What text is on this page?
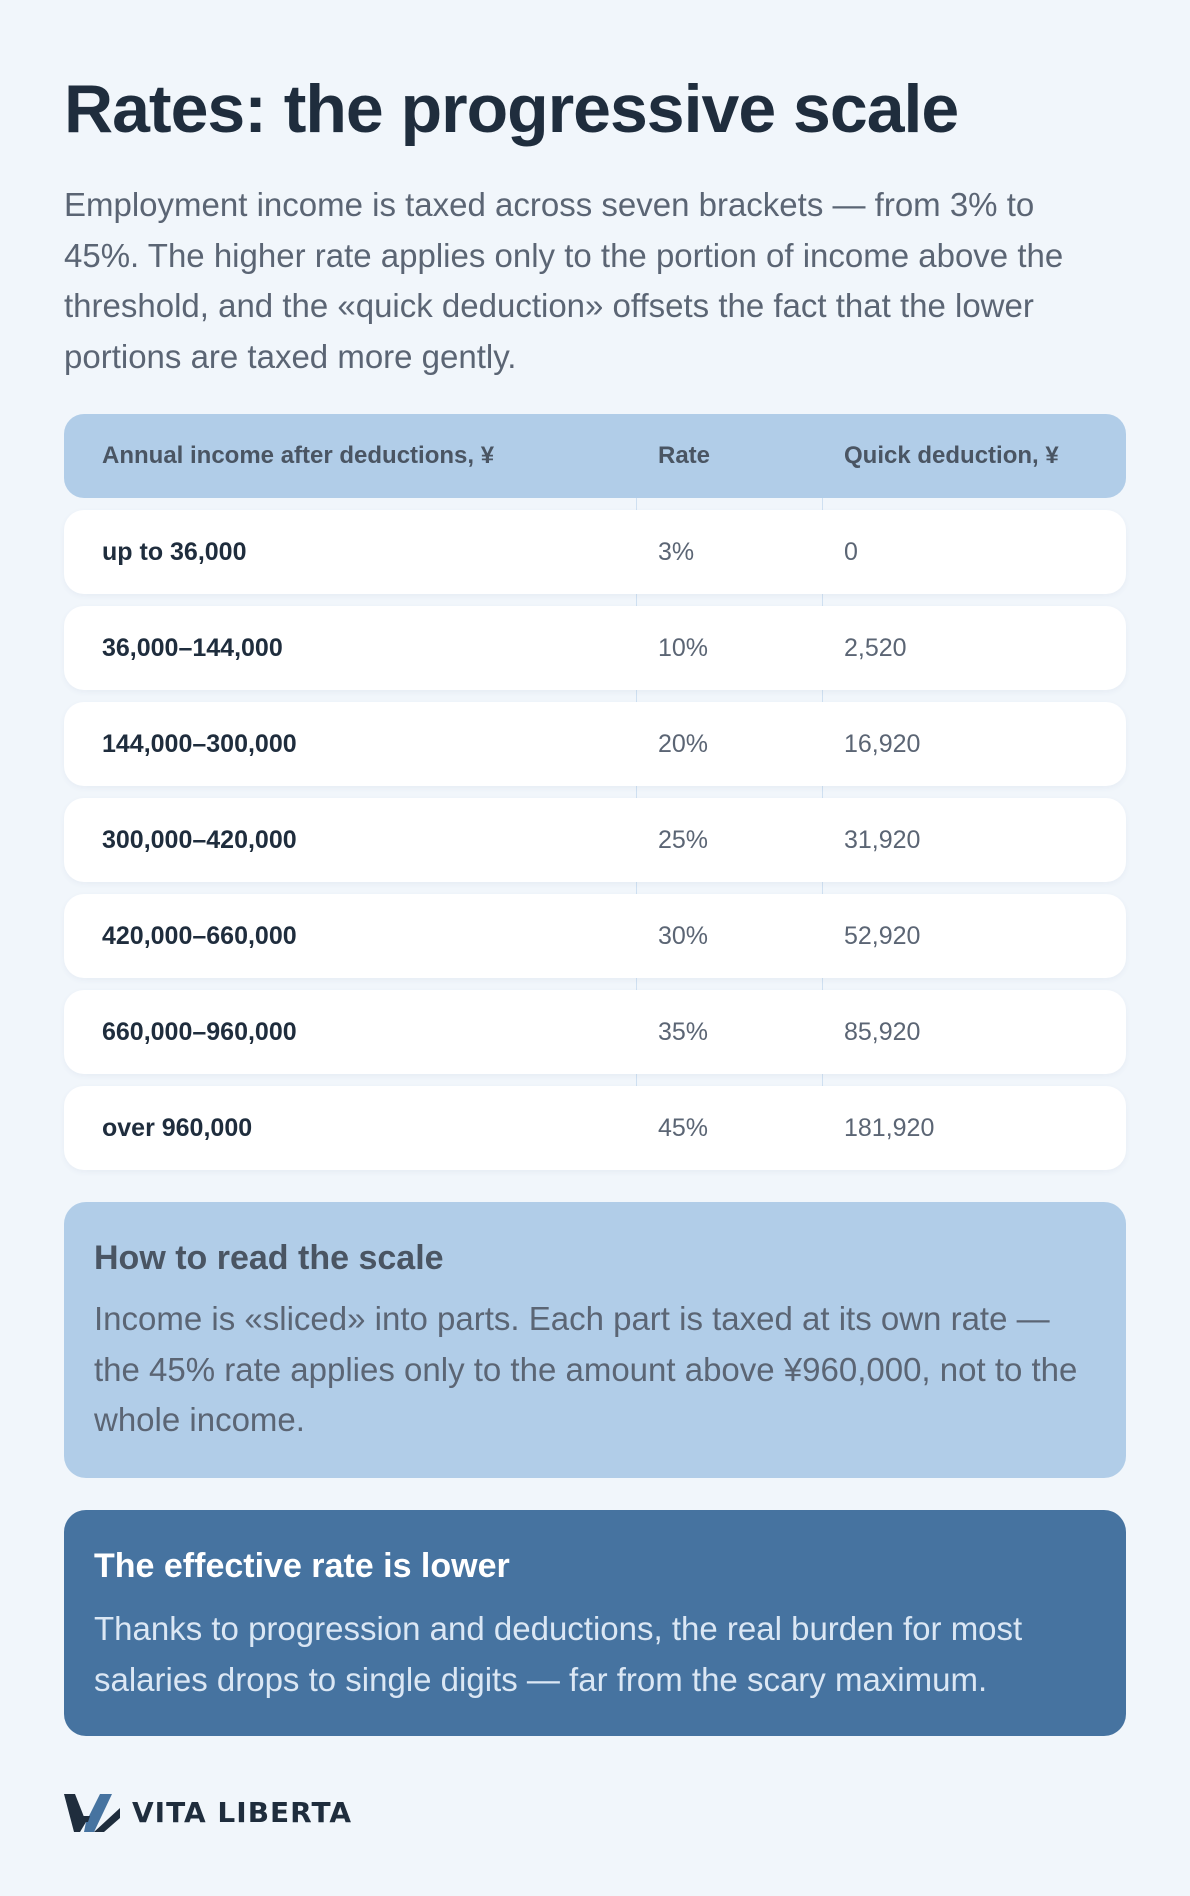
Rates: the progressive scale

Employment income is taxed across seven brackets — from 3% to 45%. The higher rate applies only to the portion of income above the threshold, and the «quick deduction» offsets the fact that the lower portions are taxed more gently.

Annual income after deductions, ¥	Rate	Quick deduction, ¥
up to 36,000	3%	0
36,000–144,000	10%	2,520
144,000–300,000	20%	16,920
300,000–420,000	25%	31,920
420,000–660,000	30%	52,920
660,000–960,000	35%	85,920
over 960,000	45%	181,920
How to read the scale

Income is «sliced» into parts. Each part is taxed at its own rate — the 45% rate applies only to the amount above ¥960,000, not to the whole income.

The effective rate is lower

Thanks to progression and deductions, the real burden for most salaries drops to single digits — far from the scary maximum.

VITA LIBERTA
